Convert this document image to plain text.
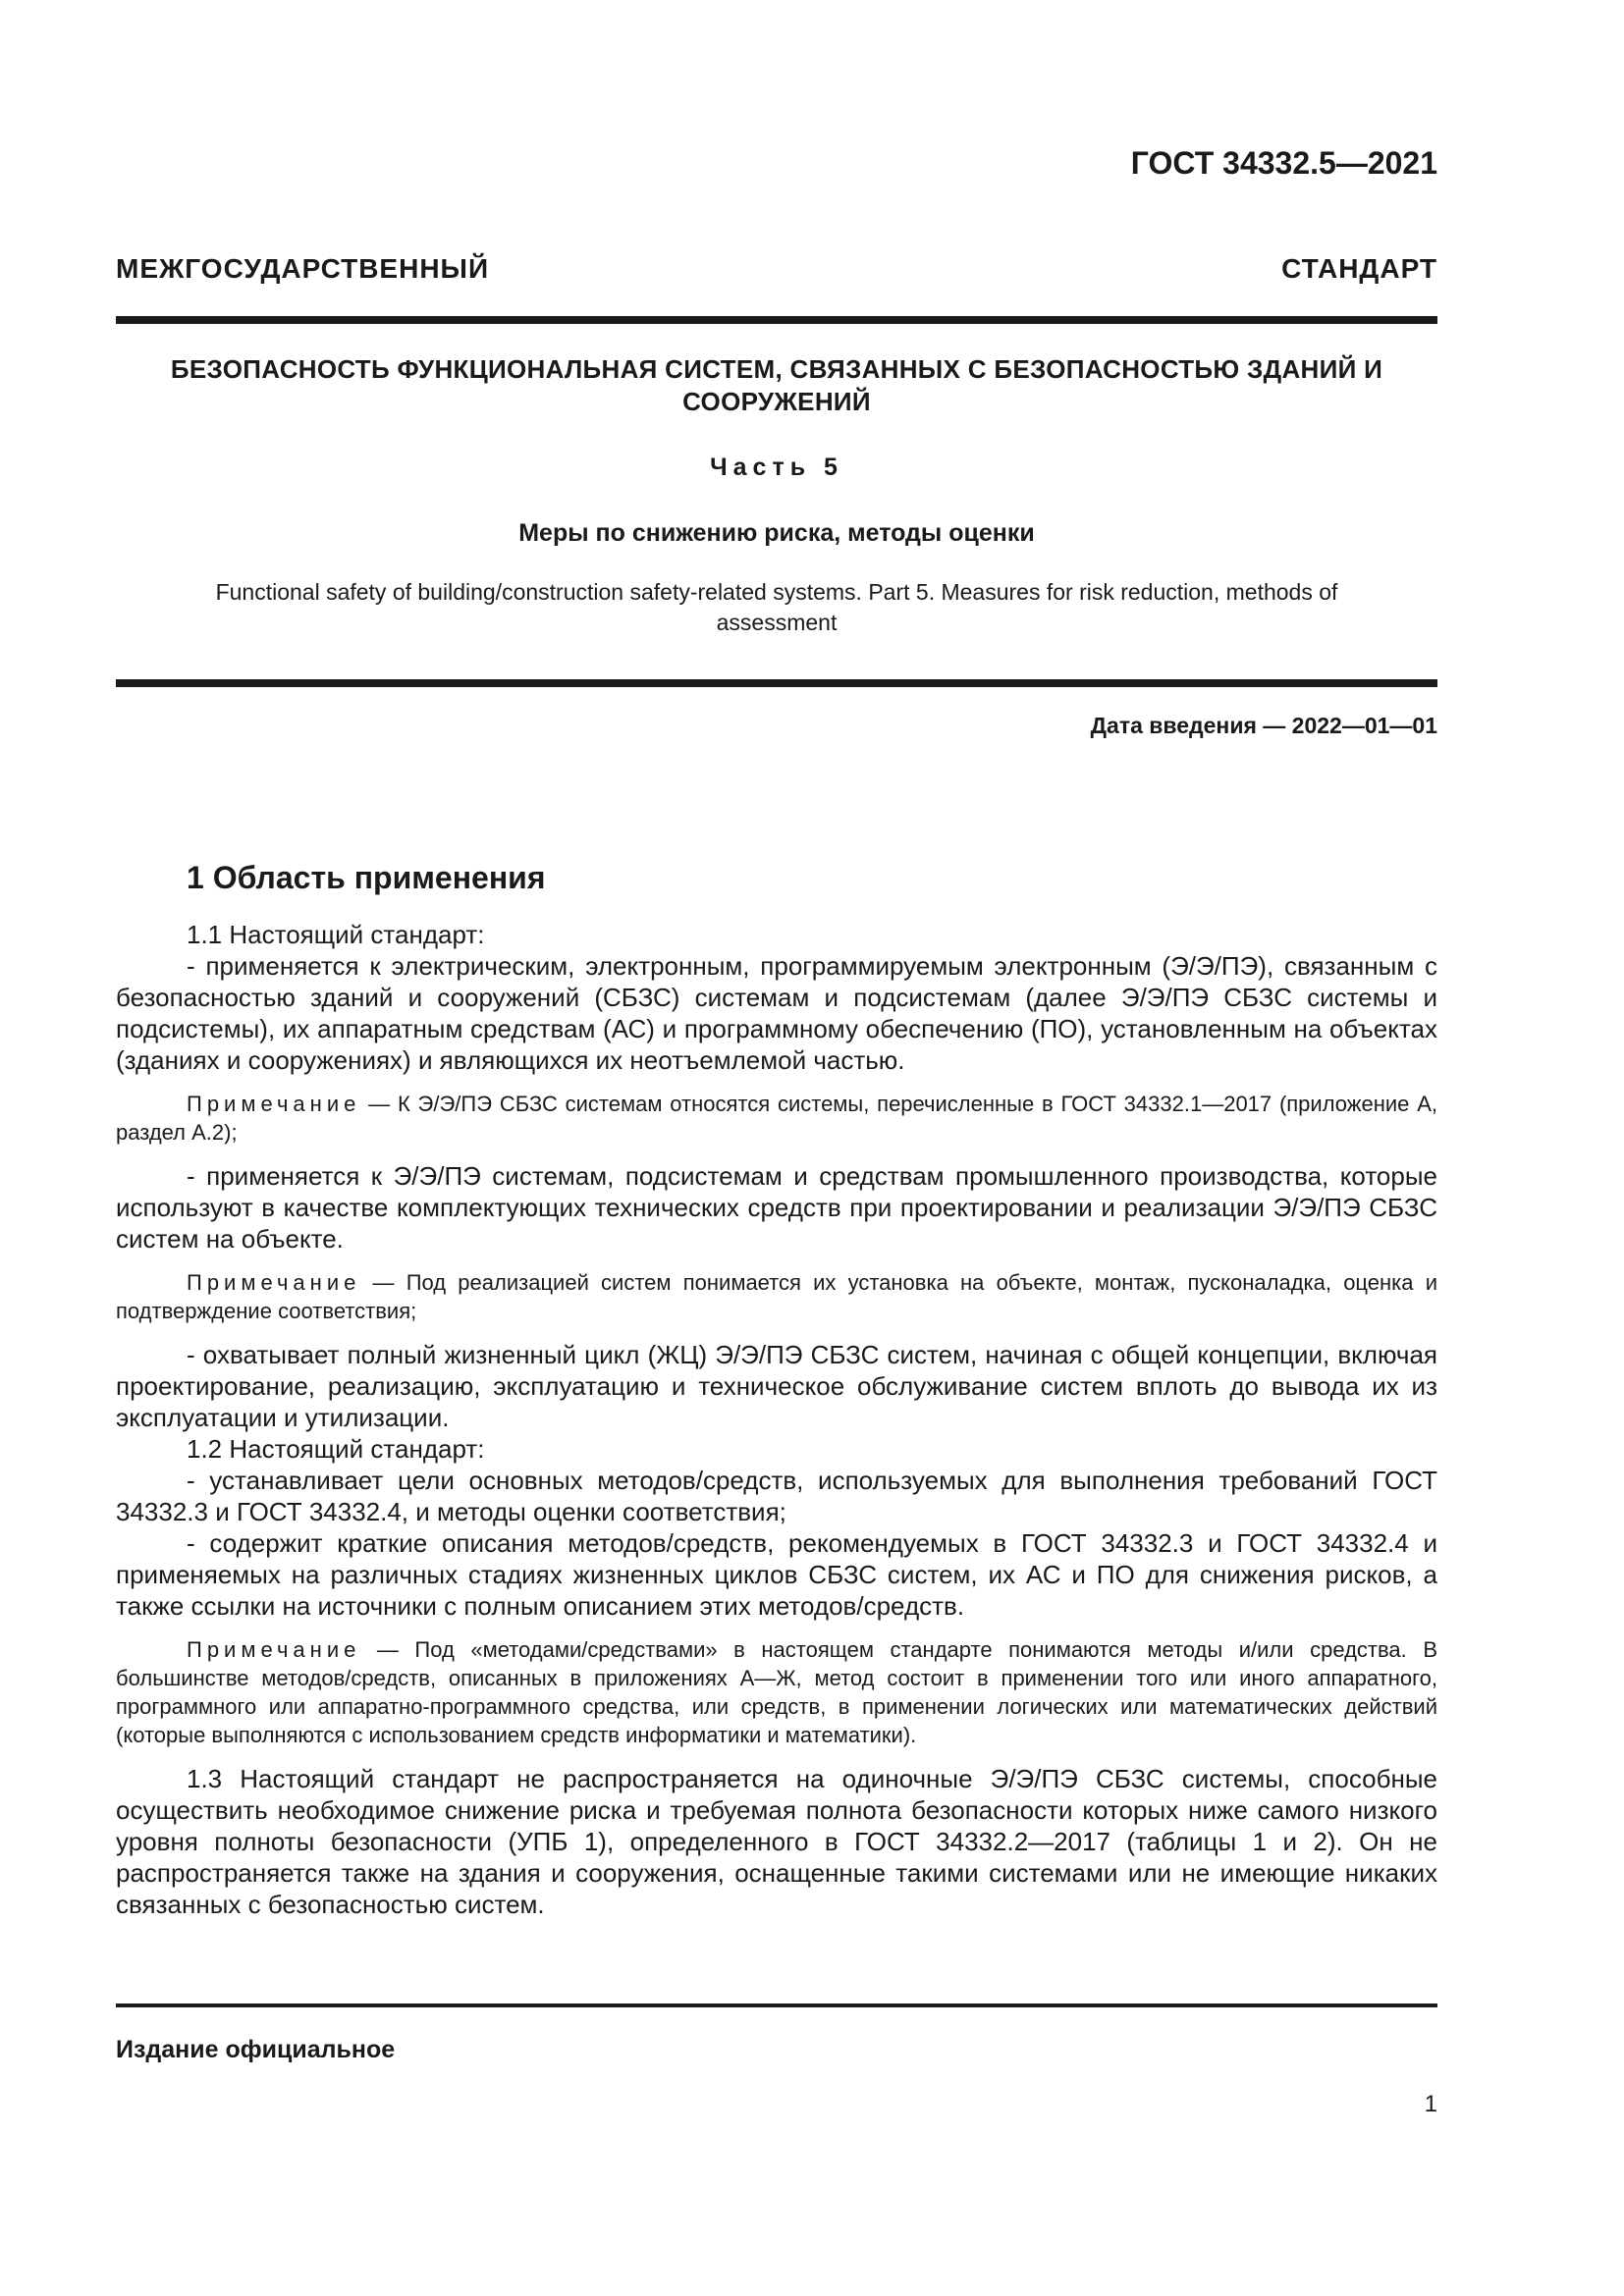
ГОСТ 34332.5—2021
МЕЖГОСУДАРСТВЕННЫЙ СТАНДАРТ
БЕЗОПАСНОСТЬ ФУНКЦИОНАЛЬНАЯ СИСТЕМ, СВЯЗАННЫХ С БЕЗОПАСНОСТЬЮ ЗДАНИЙ И СООРУЖЕНИЙ
Часть 5
Меры по снижению риска, методы оценки
Functional safety of building/construction safety-related systems. Part 5. Measures for risk reduction, methods of assessment
Дата введения — 2022—01—01
1 Область применения

1.1 Настоящий стандарт:

- применяется к электрическим, электронным, программируемым электронным (Э/Э/ПЭ), связанным с безопасностью зданий и сооружений (СБЗС) системам и подсистемам (далее Э/Э/ПЭ СБЗС системы и подсистемы), их аппаратным средствам (АС) и программному обеспечению (ПО), установленным на объектах (зданиях и сооружениях) и являющихся их неотъемлемой частью.

Примечание — К Э/Э/ПЭ СБЗС системам относятся системы, перечисленные в ГОСТ 34332.1—2017 (приложение А, раздел А.2);

- применяется к Э/Э/ПЭ системам, подсистемам и средствам промышленного производства, которые используют в качестве комплектующих технических средств при проектировании и реализации Э/Э/ПЭ СБЗС систем на объекте.

Примечание — Под реализацией систем понимается их установка на объекте, монтаж, пусконаладка, оценка и подтверждение соответствия;

- охватывает полный жизненный цикл (ЖЦ) Э/Э/ПЭ СБЗС систем, начиная с общей концепции, включая проектирование, реализацию, эксплуатацию и техническое обслуживание систем вплоть до вывода их из эксплуатации и утилизации.

1.2 Настоящий стандарт:

- устанавливает цели основных методов/средств, используемых для выполнения требований ГОСТ 34332.3 и ГОСТ 34332.4, и методы оценки соответствия;

- содержит краткие описания методов/средств, рекомендуемых в ГОСТ 34332.3 и ГОСТ 34332.4 и применяемых на различных стадиях жизненных циклов СБЗС систем, их АС и ПО для снижения рисков, а также ссылки на источники с полным описанием этих методов/средств.

Примечание — Под «методами/средствами» в настоящем стандарте понимаются методы и/или средства. В большинстве методов/средств, описанных в приложениях А—Ж, метод состоит в применении того или иного аппаратного, программного или аппаратно-программного средства, или средств, в применении логических или математических действий (которые выполняются с использованием средств информатики и математики).

1.3 Настоящий стандарт не распространяется на одиночные Э/Э/ПЭ СБЗС системы, способные осуществить необходимое снижение риска и требуемая полнота безопасности которых ниже самого низкого уровня полноты безопасности (УПБ 1), определенного в ГОСТ 34332.2—2017 (таблицы 1 и 2). Он не распространяется также на здания и сооружения, оснащенные такими системами или не имеющие никаких связанных с безопасностью систем.

Издание официальное
1
